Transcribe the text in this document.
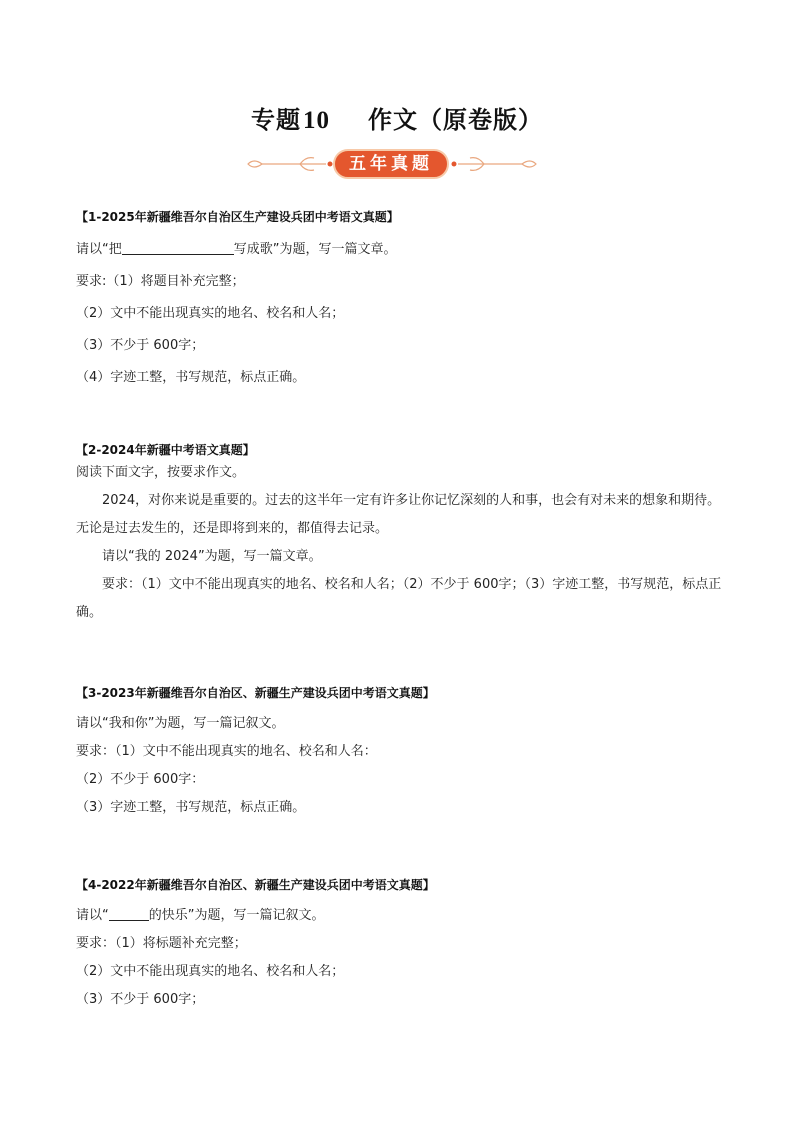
专题10 作文（原卷版）
五年真题
【1-2025年新疆维吾尔自治区生产建设兵团中考语文真题】
请以“把	写成歌”为题，写一篇文章。
要求:（1）将题目补充完整；
（2）文中不能出现真实的地名、校名和人名；
（3）不少于 600字；
（4）字迹工整，书写规范，标点正确。
【2-2024年新疆中考语文真题】

阅读下面文字，按要求作文。

2024，对你来说是重要的。过去的这半年一定有许多让你记忆深刻的人和事，也会有对未来的想象和期待。无论是过去发生的，还是即将到来的，都值得去记录。

请以“我的 2024”为题，写一篇文章。

要求：（1）文中不能出现真实的地名、校名和人名；（2）不少于 600字；（3）字迹工整，书写规范，标点正确。

【3-2023年新疆维吾尔自治区、新疆生产建设兵团中考语文真题】
请以“我和你”为题，写一篇记叙文。
要求：（1）文中不能出现真实的地名、校名和人名：
（2）不少于 600字：
（3）字迹工整，书写规范，标点正确。
【4-2022年新疆维吾尔自治区、新疆生产建设兵团中考语文真题】
请以“	的快乐”为题，写一篇记叙文。
要求：（1）将标题补充完整；
（2）文中不能出现真实的地名、校名和人名；
（3）不少于 600字；
